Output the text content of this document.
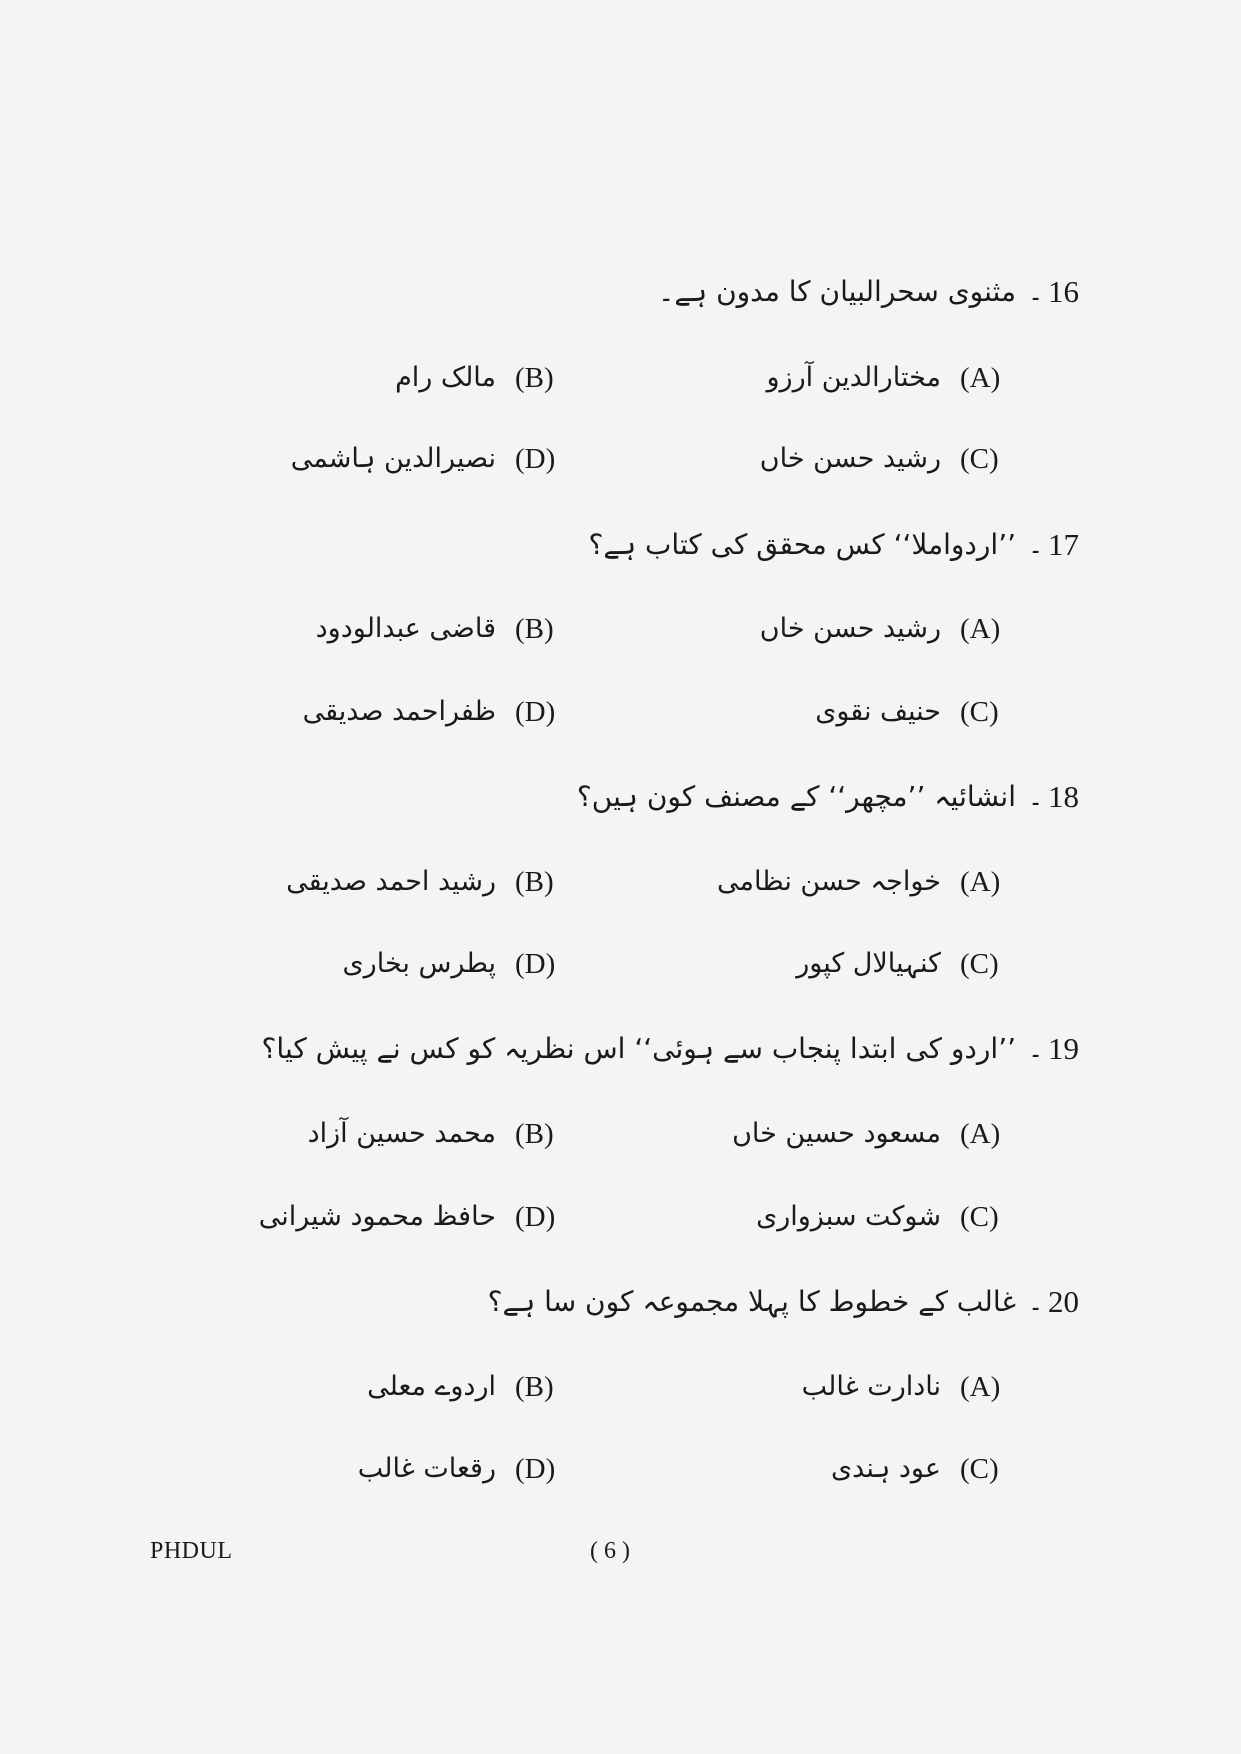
16
۔
مثنوی سحرالبیان کا مدون ہے۔
(A)
مختارالدین آرزو
(B)
مالک رام
(C)
رشید حسن خاں
(D)
نصیرالدین ہاشمی
17
۔
’’اردواملا‘‘ کس محقق کی کتاب ہے؟
(A)
رشید حسن خاں
(B)
قاضی عبدالودود
(C)
حنیف نقوی
(D)
ظفراحمد صدیقی
18
۔
انشائیہ ’’مچھر‘‘ کے مصنف کون ہیں؟
(A)
خواجہ حسن نظامی
(B)
رشید احمد صدیقی
(C)
کنہیالال کپور
(D)
پطرس بخاری
19
۔
’’اردو کی ابتدا پنجاب سے ہوئی‘‘ اس نظریہ کو کس نے پیش کیا؟
(A)
مسعود حسین خاں
(B)
محمد حسین آزاد
(C)
شوکت سبزواری
(D)
حافظ محمود شیرانی
20
۔
غالب کے خطوط کا پہلا مجموعہ کون سا ہے؟
(A)
نادارت غالب
(B)
اردوے معلی
(C)
عود ہندی
(D)
رقعات غالب
PHDUL	( 6 )
